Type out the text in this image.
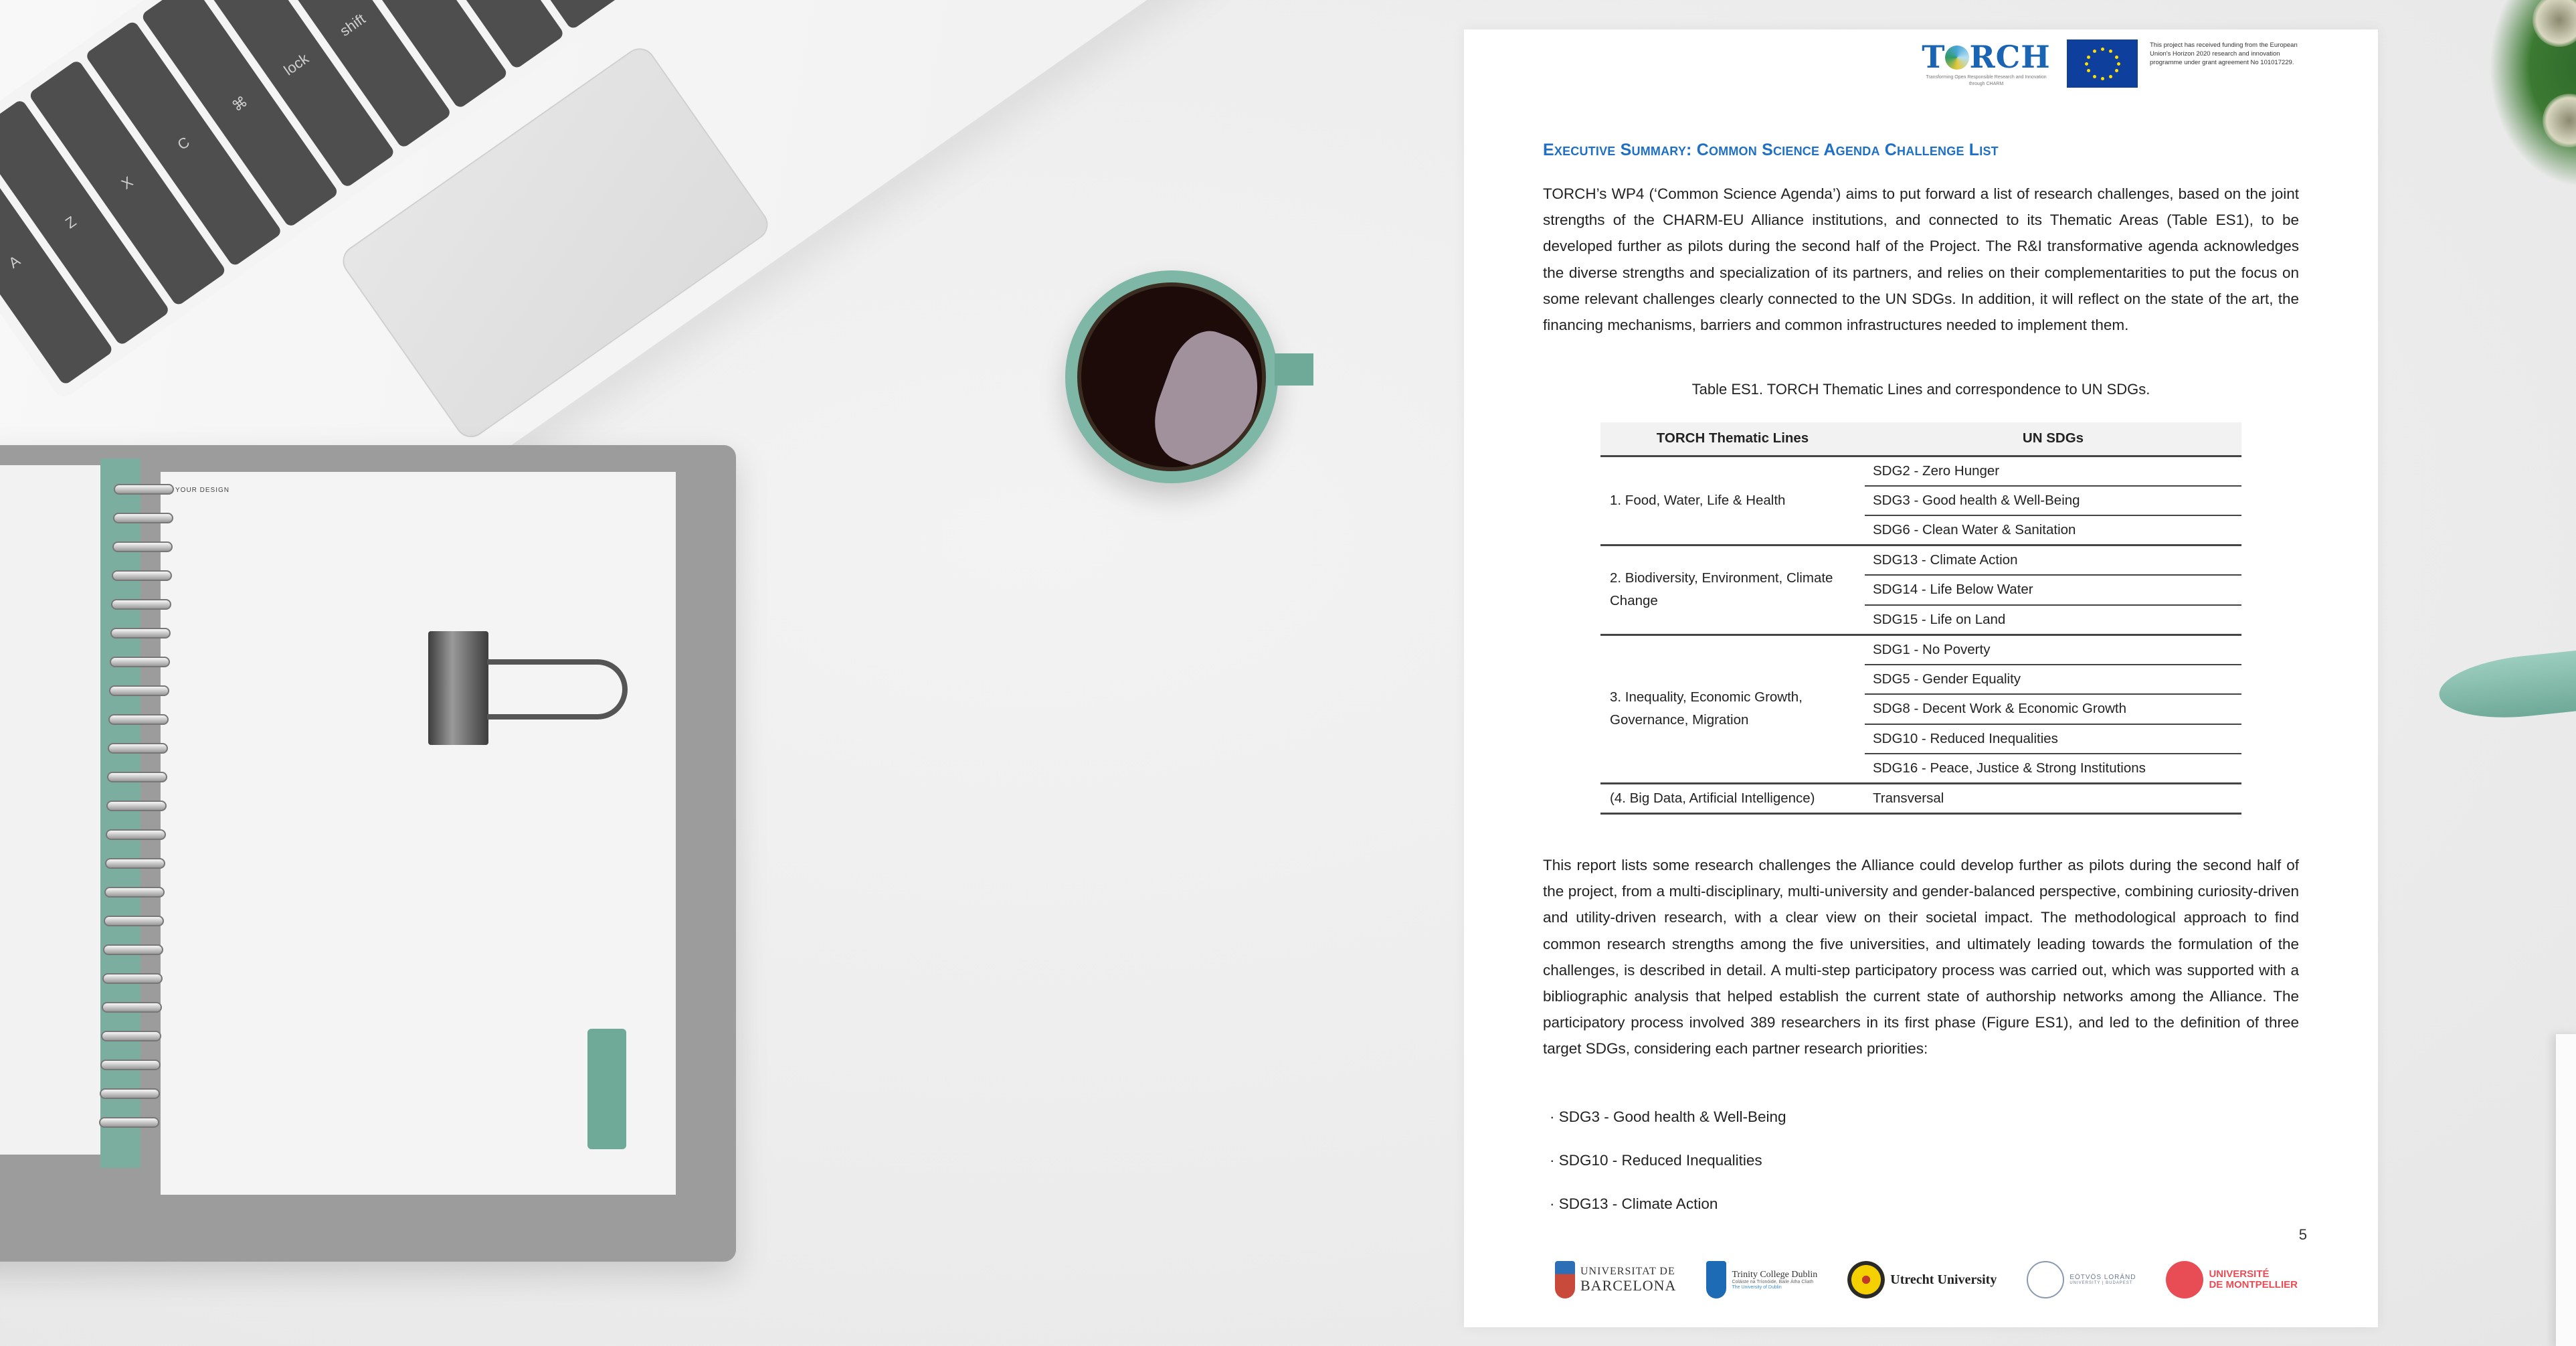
A
Z
X
C
⌘
lock
shift
YOUR DESIGN
T RCH
Transforming Open Responsible Research and Innovation through CHARM
This project has received funding from the European Union's Horizon 2020 research and innovation programme under grant agreement No 101017229.
Executive Summary: Common Science Agenda Challenge List

TORCH’s WP4 (‘Common Science Agenda’) aims to put forward a list of research challenges, based on the joint strengths of the CHARM-EU Alliance institutions, and connected to its Thematic Areas (Table ES1), to be developed further as pilots during the second half of the Project. The R&I transformative agenda acknowledges the diverse strengths and specialization of its partners, and relies on their complementarities to put the focus on some relevant challenges clearly connected to the UN SDGs. In addition, it will reflect on the state of the art, the financing mechanisms, barriers and common infrastructures needed to implement them.

Table ES1. TORCH Thematic Lines and correspondence to UN SDGs.
TORCH Thematic Lines	UN SDGs
1. Food, Water, Life & Health	SDG2 - Zero Hunger
	SDG3 - Good health & Well-Being
	SDG6 - Clean Water & Sanitation
2. Biodiversity, Environment, Climate Change	SDG13 - Climate Action
	SDG14 - Life Below Water
	SDG15 - Life on Land
3. Inequality, Economic Growth, Governance, Migration	SDG1 - No Poverty
	SDG5 - Gender Equality
	SDG8 - Decent Work & Economic Growth
	SDG10 - Reduced Inequalities
	SDG16 - Peace, Justice & Strong Institutions
(4. Big Data, Artificial Intelligence)	Transversal

This report lists some research challenges the Alliance could develop further as pilots during the second half of the project, from a multi-disciplinary, multi-university and gender-balanced perspective, combining curiosity-driven and utility-driven research, with a clear view on their societal impact. The methodological approach to find common research strengths among the five universities, and ultimately leading towards the formulation of the challenges, is described in detail. A multi-step participatory process was carried out, which was supported with a bibliographic analysis that helped establish the current state of authorship networks among the Alliance. The participatory process involved 389 researchers in its first phase (Figure ES1), and led to the definition of three target SDGs, considering each partner research priorities:

· SDG3 - Good health & Well-Being
· SDG10 - Reduced Inequalities
· SDG13 - Climate Action
5
UNIVERSITAT DE
BARCELONA
Trinity College Dublin
Coláiste na Tríonóide, Baile Átha Cliath
The University of Dublin
Utrecht University	EÖTVÖS LORÁND
UNIVERSITY | BUDAPEST
UNIVERSITÉ
DE MONTPELLIER
